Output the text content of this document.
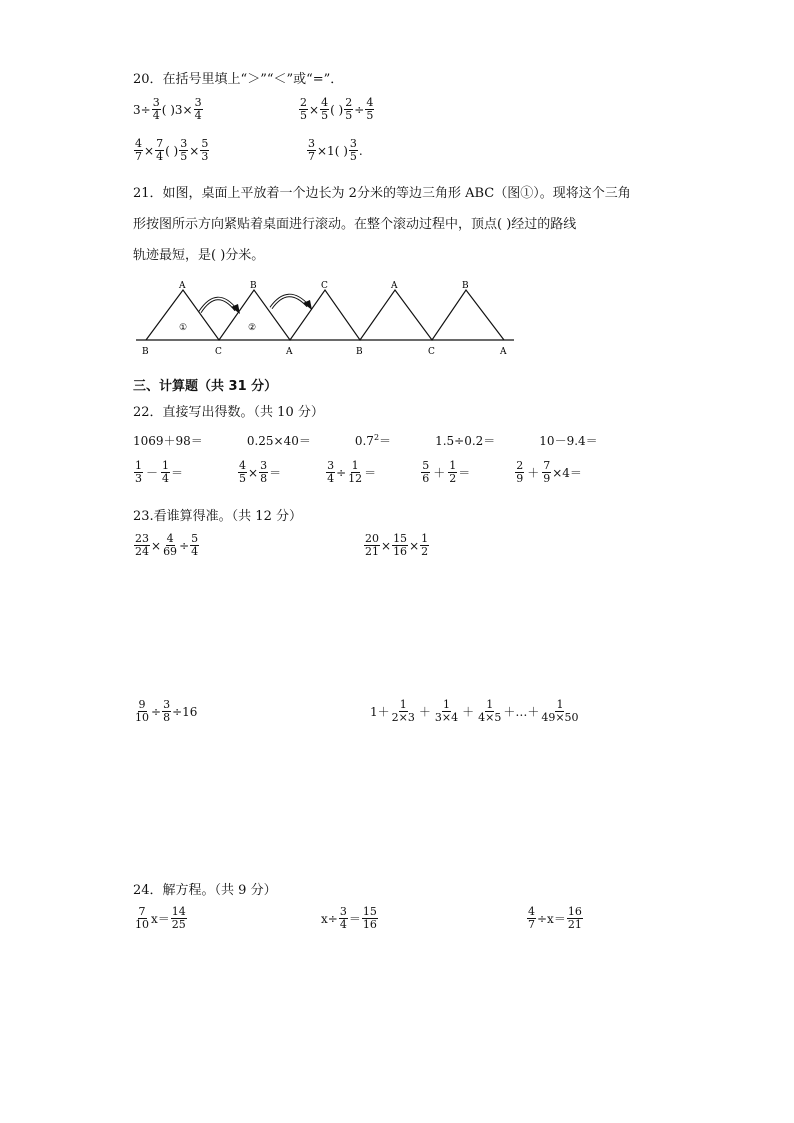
20．在括号里填上“＞”“＜”或“=”．
$3 \div \frac{3}{4}$ ( ) $3 \times \frac{3}{4}$	$\frac{2}{5} \times \frac{4}{5}$ ( ) $\frac{2}{5} \div \frac{4}{5}$
$\frac{4}{7} \times \frac{7}{4}$ ( ) $\frac{3}{5} \times \frac{5}{3}$	$\frac{3}{7} \times 1$ ( ) $\frac{3}{5}$ .
21．如图，桌面上平放着一个边长为 2分米的等边三角形 ABC（图①）。现将这个三角
形按图所示方向紧贴着桌面进行滚动。在整个滚动过程中，顶点( )经过的路线
轨迹最短，是( )分米。
①	②
A	B	C	A	B
B	C	A	B	C	A
三、计算题（共 31 分）
22．直接写出得数。（共 10 分）
1069＋98＝	0.25×40＝	$0.7^2=$	1.5÷0.2＝	10－9.4＝
$\frac{1}{3} - \frac{1}{4}$ ＝	$\frac{4}{5} \times \frac{3}{8}$ ＝	$\frac{3}{4} \div \frac{1}{12}$ ＝	$\frac{5}{6} + \frac{1}{2}$ ＝	$\frac{2}{9} + \frac{7}{9} \times 4=$
23.看谁算得准。（共 12 分）
$\frac{23}{24} \times \frac{4}{69} \div \frac{5}{4}$	$\frac{20}{21} \times \frac{15}{16} \times \frac{1}{2}$
$\frac{9}{10} \div \frac{3}{8} \div 16$	$1+ \frac{1}{2\times 3} + \frac{1}{3\times 4} + \frac{1}{4\times 5}$ ＋…＋ $\frac{1}{49\times 50}$
24．解方程。（共 9 分）
$\frac{7}{10} x= \frac{14}{25}$	$x\div \frac{3}{4} = \frac{15}{16}$	$\frac{4}{7} \div x= \frac{16}{21}$
